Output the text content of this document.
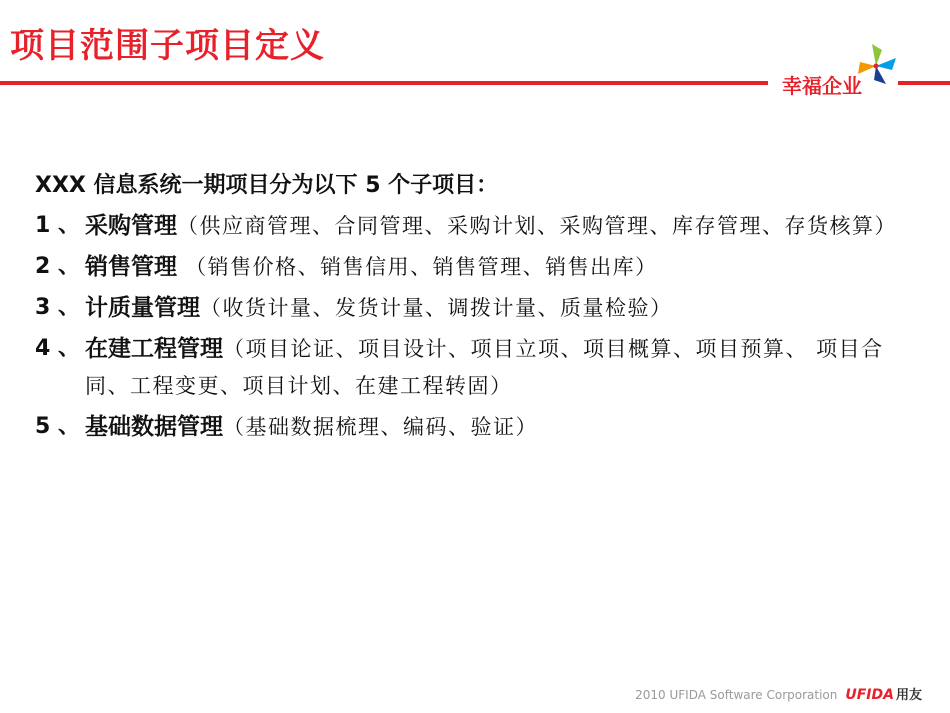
项目范围子项目定义
幸福企业
XXX 信息系统一期项目分为以下 5 个子项目：
1 、 采购管理（供应商管理、合同管理、采购计划、采购管理、库存管理、存货核算）
2 、 销售管理 （销售价格、销售信用、销售管理、销售出库）
3 、 计质量管理（收货计量、发货计量、调拨计量、质量检验）
4 、 在建工程管理（项目论证、项目设计、项目立项、项目概算、项目预算、 项目合同、工程变更、项目计划、在建工程转固）
5 、 基础数据管理（基础数据梳理、编码、验证）
2010 UFIDA Software Corporation UFIDA 用友
